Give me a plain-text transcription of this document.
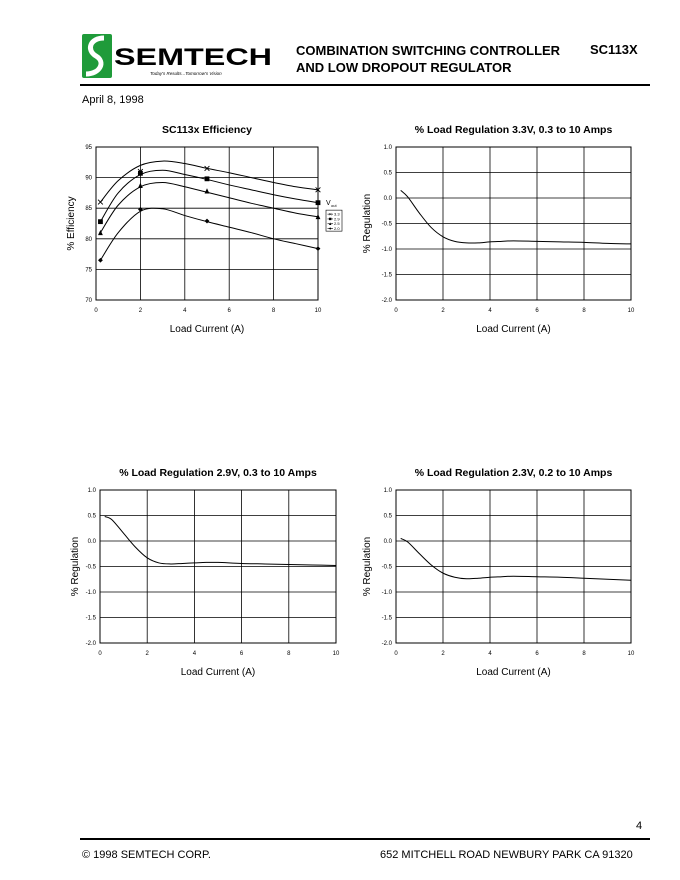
SEMTECH
Today's Results...Tomorrow's Vision
COMBINATION SWITCHING CONTROLLER
AND LOW DROPOUT REGULATOR
SC113X
April 8, 1998
SC113x Efficiency
0	2	4	6	8	10
70
75
80
85
90
95
Load Current (A)
% Efficiency	V out
3.3
2.9
2.5
2.0
% Load Regulation 3.3V, 0.3 to 10 Amps
0	2	4	6	8	10
-2.0
-1.5
-1.0
-0.5
0.0
0.5
1.0
Load Current (A)
% Regulation
% Load Regulation 2.9V, 0.3 to 10 Amps
0	2	4	6	8	10
-2.0
-1.5
-1.0
-0.5
0.0
0.5
1.0
Load Current (A)
% Regulation
% Load Regulation 2.3V, 0.2 to 10 Amps
0	2	4	6	8	10
-2.0
-1.5
-1.0
-0.5
0.0
0.5
1.0
Load Current (A)
% Regulation
4
© 1998 SEMTECH CORP.	652 MITCHELL ROAD NEWBURY PARK CA 91320
